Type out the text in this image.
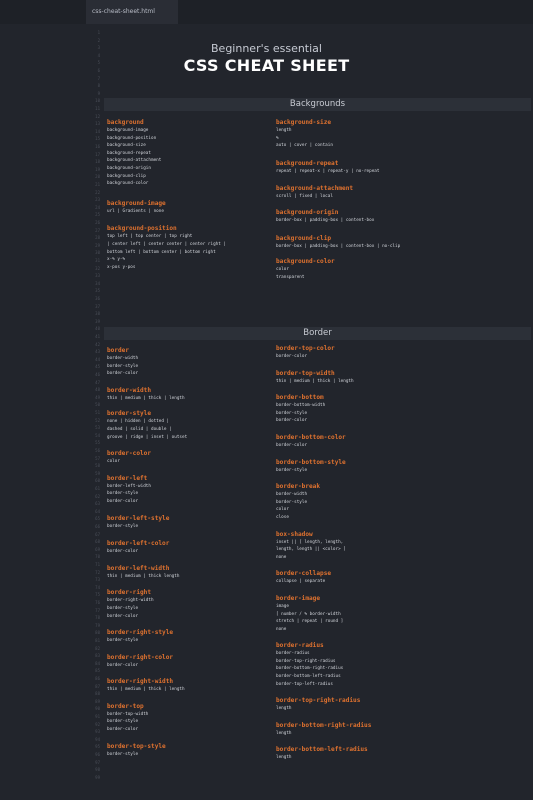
css-cheat-sheet.html
1
2
3
4
5
6
7
8
9
10
11
12
13
14
15
16
17
18
19
20
21
22
23
24
25
26
27
28
29
30
31
32
33
34
35
36
37
38
39
40
41
42
43
44
45
46
47
48
49
50
51
52
53
54
55
56
57
58
59
60
61
62
63
64
65
66
67
68
69
70
71
72
73
74
75
76
77
78
79
80
81
82
83
84
85
86
87
88
89
90
91
92
93
94
95
96
97
98
99
Beginner's essential
CSS CHEAT SHEET
Backgrounds
background
background-image
background-position
background-size
background-repeat
background-attachment
background-origin
background-clip
background-color
background-image
url | Gradients | none
background-position
top left | top center | top right
| center left | center center | center right |
bottom left | bottom center | bottom right
x-% y-%
x-pos y-pos
background-size
length
%
auto | cover | contain
background-repeat
repeat | repeat-x | repeat-y | no-repeat
background-attachment
scroll | fixed | local
background-origin
border-box | padding-box | content-box
background-clip
border-box | padding-box | content-box | no-clip
background-color
color
transparent
Border
border
border-width
border-style
border-color
border-width
thin | medium | thick | length
border-style
none | hidden | dotted |
dashed | solid | double |
groove | ridge | inset | outset
border-color
color
border-left
border-left-width
border-style
border-color
border-left-style
border-style
border-left-color
border-color
border-left-width
thin | medium | thick length
border-right
border-right-width
border-style
border-color
border-right-style
border-style
border-right-color
border-color
border-right-width
thin | medium | thick | length
border-top
border-top-width
border-style
border-color
border-top-style
border-style
border-top-color
border-color
border-top-width
thin | medium | thick | length
border-bottom
border-bottom-width
border-style
border-color
border-bottom-color
border-color
border-bottom-style
border-style
border-break
border-width
border-style
color
close
box-shadow
inset || [ length, length,
length, length || <color> ]
none
border-collapse
collapse | separate
border-image
image
[ number / % border-width
stretch | repeat | round ]
none
border-radius
border-radius
border-top-right-radius
border-bottom-right-radius
border-bottom-left-radius
border-top-left-radius
border-top-right-radius
length
border-bottom-right-radius
length
border-bottom-left-radius
length
